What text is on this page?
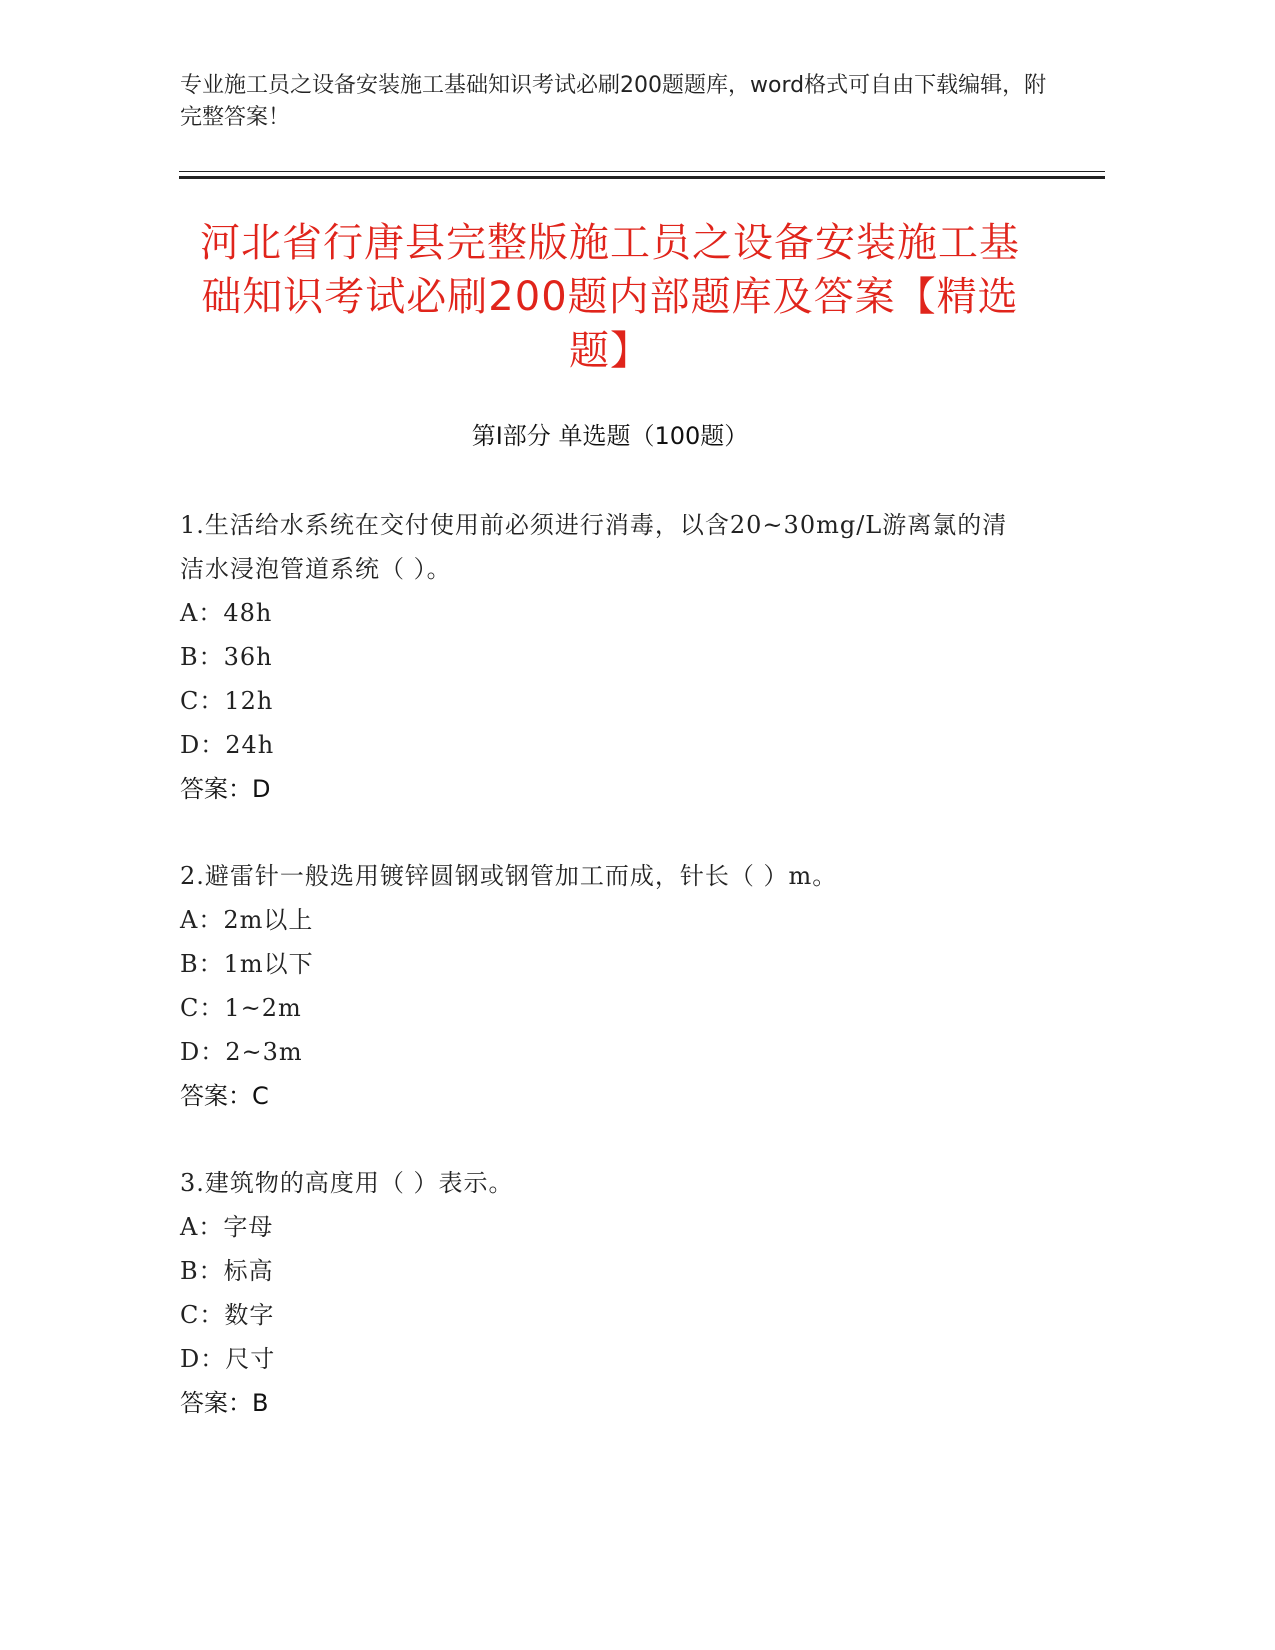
专业施工员之设备安装施工基础知识考试必刷200题题库，word格式可自由下载编辑，附完整答案！
河北省行唐县完整版施工员之设备安装施工基础知识考试必刷200题内部题库及答案【精选题】
第Ⅰ部分 单选题（100题）
1.生活给水系统在交付使用前必须进行消毒，以含20~30mg/L游离氯的清洁水浸泡管道系统（ ）。
A：48h
B：36h
C：12h
D：24h
答案：D
2.避雷针一般选用镀锌圆钢或钢管加工而成，针长（ ）m。
A：2m以上
B：1m以下
C：1~2m
D：2~3m
答案：C
3.建筑物的高度用（ ）表示。
A：字母
B：标高
C：数字
D：尺寸
答案：B
